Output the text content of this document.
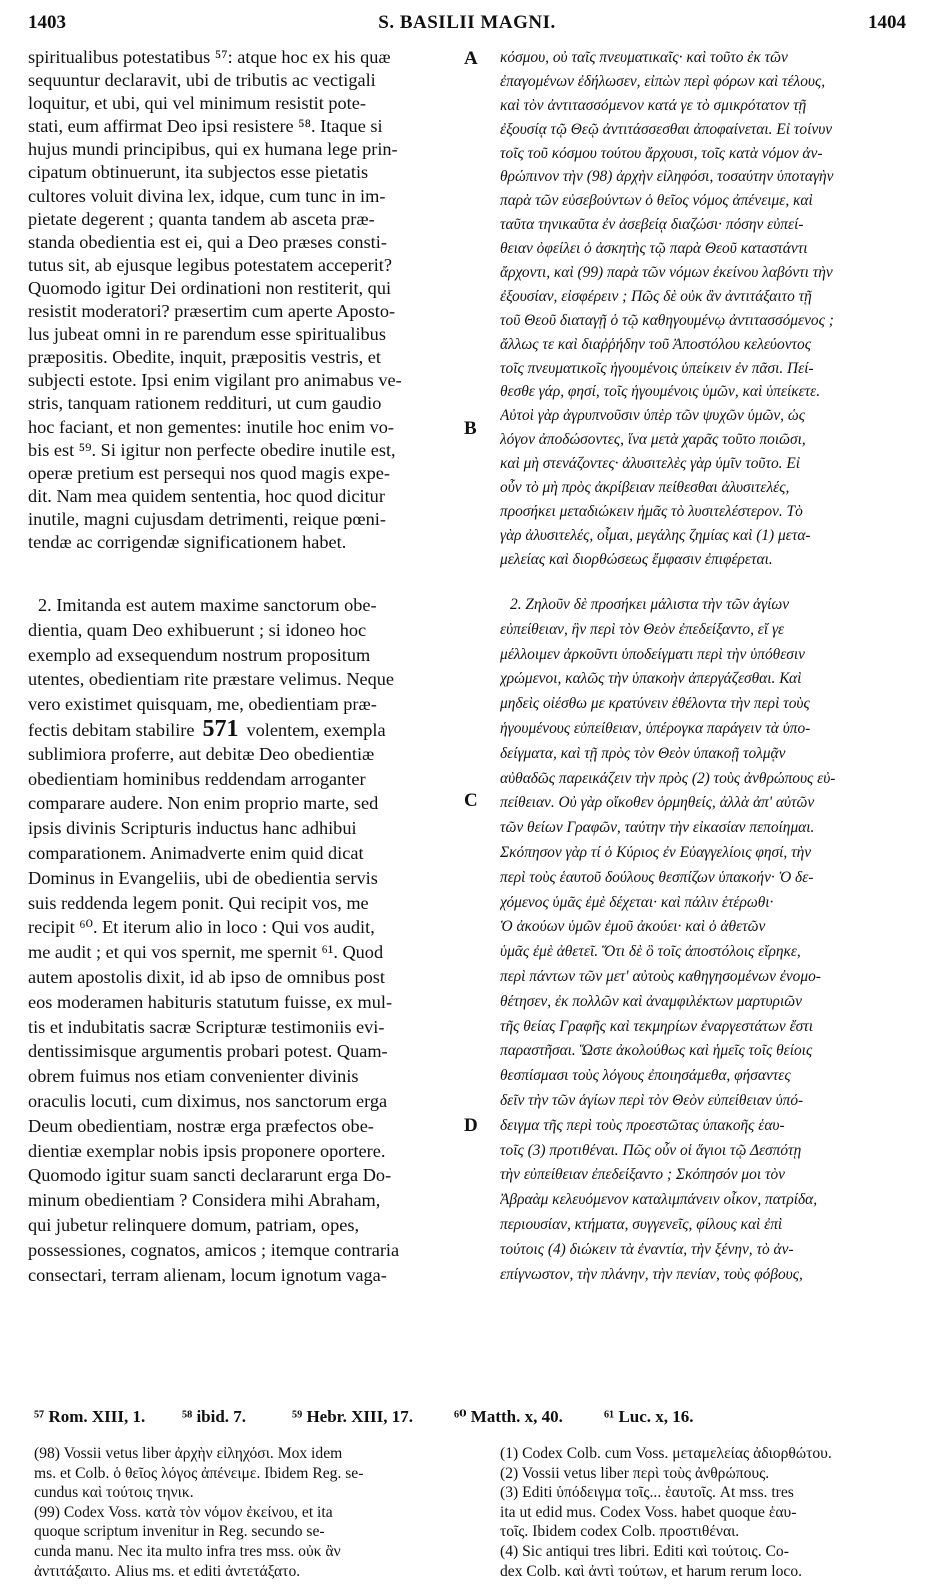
1403	S. BASILII MAGNI.	1404
spiritualibus potestatibus ⁵⁷: atque hoc ex his quæ
sequuntur declaravit, ubi de tributis ac vectigali
loquitur, et ubi, qui vel minimum resistit pote-
stati, eum affirmat Deo ipsi resistere ⁵⁸. Itaque si
hujus mundi principibus, qui ex humana lege prin-
cipatum obtinuerunt, ita subjectos esse pietatis
cultores voluit divina lex, idque, cum tunc in im-
pietate degerent ; quanta tandem ab asceta præ-
standa obedientia est ei, qui a Deo præses consti-
tutus sit, ab ejusque legibus potestatem acceperit?
Quomodo igitur Dei ordinationi non restiterit, qui
resistit moderatori? præsertim cum aperte Aposto-
lus jubeat omni in re parendum esse spiritualibus
præpositis. Obedite, inquit, præpositis vestris, et
subjecti estote. Ipsi enim vigilant pro animabus ve-
stris, tanquam rationem reddituri, ut cum gaudio
hoc faciant, et non gementes: inutile hoc enim vo-
bis est ⁵⁹. Si igitur non perfecte obedire inutile est,
operæ pretium est persequi nos quod magis expe-
dit. Nam mea quidem sententia, hoc quod dicitur
inutile, magni cujusdam detrimenti, reique pœni-
tendæ ac corrigendæ significationem habet.
κόσμου, οὐ ταῖς πνευματικαῖς· καὶ τοῦτο ἐκ τῶν
ἐπαγομένων ἐδήλωσεν, εἰπὼν περὶ φόρων καὶ τέλους,
καὶ τὸν ἀντιτασσόμενον κατά γε τὸ σμικρότατον τῇ
ἐξουσίᾳ τῷ Θεῷ ἀντιτάσσεσθαι ἀποφαίνεται. Εἰ τοίνυν
τοῖς τοῦ κόσμου τούτου ἄρχουσι, τοῖς κατὰ νόμον ἀν-
θρώπινον τὴν (98) ἀρχὴν εἰληφόσι, τοσαύτην ὑποταγὴν
παρὰ τῶν εὐσεβούντων ὁ θεῖος νόμος ἀπένειμε, καὶ
ταῦτα τηνικαῦτα ἐν ἀσεβείᾳ διαζώσι· πόσην εὐπεί-
θειαν ὀφείλει ὁ ἀσκητὴς τῷ παρὰ Θεοῦ καταστάντι
ἄρχοντι, καὶ (99) παρὰ τῶν νόμων ἐκείνου λαβόντι τὴν
ἐξουσίαν, εἰσφέρειν ; Πῶς δὲ οὐκ ἂν ἀντιτάξαιτο τῇ
τοῦ Θεοῦ διαταγῇ ὁ τῷ καθηγουμένῳ ἀντιτασσόμενος ;
ἄλλως τε καὶ διαῤῥήδην τοῦ Ἀποστόλου κελεύοντος
τοῖς πνευματικοῖς ἡγουμένοις ὑπείκειν ἐν πᾶσι. Πεί-
θεσθε γάρ, φησί, τοῖς ἡγουμένοις ὑμῶν, καὶ ὑπείκετε.
Αὐτοὶ γὰρ ἀγρυπνοῦσιν ὑπὲρ τῶν ψυχῶν ὑμῶν, ὡς
λόγον ἀποδώσοντες, ἵνα μετὰ χαρᾶς τοῦτο ποιῶσι,
καὶ μὴ στενάζοντες· ἀλυσιτελὲς γὰρ ὑμῖν τοῦτο. Εἰ
οὖν τὸ μὴ πρὸς ἀκρίβειαν πείθεσθαι ἀλυσιτελές,
προσήκει μεταδιώκειν ἡμᾶς τὸ λυσιτελέστερον. Τὸ
γὰρ ἀλυσιτελές, οἶμαι, μεγάλης ζημίας καὶ (1) μετα-
μελείας καὶ διορθώσεως ἔμφασιν ἐπιφέρεται.
2. Imitanda est autem maxime sanctorum obe-
dientia, quam Deo exhibuerunt ; si idoneo hoc
exemplo ad exsequendum nostrum propositum
utentes, obedientiam rite præstare velimus. Neque
vero existimet quisquam, me, obedientiam præ-
fectis debitam stabilire 571 volentem, exempla
sublimiora proferre, aut debitæ Deo obedientiæ
obedientiam hominibus reddendam arroganter
comparare audere. Non enim proprio marte, sed
ipsis divinis Scripturis inductus hanc adhibui
comparationem. Animadverte enim quid dicat
Dominus in Evangeliis, ubi de obedientia servis
suis reddenda legem ponit. Qui recipit vos, me
recipit ⁶⁰. Et iterum alio in loco : Qui vos audit,
me audit ; et qui vos spernit, me spernit ⁶¹. Quod
autem apostolis dixit, id ab ipso de omnibus post
eos moderamen habituris statutum fuisse, ex mul-
tis et indubitatis sacræ Scripturæ testimoniis evi-
dentissimisque argumentis probari potest. Quam-
obrem fuimus nos etiam convenienter divinis
oraculis locuti, cum diximus, nos sanctorum erga
Deum obedientiam, nostræ erga præfectos obe-
dientiæ exemplar nobis ipsis proponere oportere.
Quomodo igitur suam sancti declararunt erga Do-
minum obedientiam ? Considera mihi Abraham,
qui jubetur relinquere domum, patriam, opes,
possessiones, cognatos, amicos ; itemque contraria
consectari, terram alienam, locum ignotum vaga-
2. Ζηλοῦν δὲ προσήκει μάλιστα τὴν τῶν ἁγίων
εὐπείθειαν, ἣν περὶ τὸν Θεὸν ἐπεδείξαντο, εἴ γε
μέλλοιμεν ἀρκοῦντι ὑποδείγματι περὶ τὴν ὑπόθεσιν
χρώμενοι, καλῶς τὴν ὑπακοὴν ἀπεργάζεσθαι. Καὶ
μηδεὶς οἰέσθω με κρατύνειν ἐθέλοντα τὴν περὶ τοὺς
ἡγουμένους εὐπείθειαν, ὑπέρογκα παράγειν τὰ ὑπο-
δείγματα, καὶ τῇ πρὸς τὸν Θεὸν ὑπακοῇ τολμᾷν
αὐθαδῶς παρεικάζειν τὴν πρὸς (2) τοὺς ἀνθρώπους εὐ-
πείθειαν. Οὐ γὰρ οἴκοθεν ὁρμηθείς, ἀλλὰ ἀπ' αὐτῶν
τῶν θείων Γραφῶν, ταύτην τὴν εἰκασίαν πεποίημαι.
Σκόπησον γὰρ τί ὁ Κύριος ἐν Εὐαγγελίοις φησί, τὴν
περὶ τοὺς ἑαυτοῦ δούλους θεσπίζων ὑπακοήν· Ὁ δε-
χόμενος ὑμᾶς ἐμὲ δέχεται· καὶ πάλιν ἑτέρωθι·
Ὁ ἀκούων ὑμῶν ἐμοῦ ἀκούει· καὶ ὁ ἀθετῶν
ὑμᾶς ἐμὲ ἀθετεῖ. Ὅτι δὲ ὃ τοῖς ἀποστόλοις εἴρηκε,
περὶ πάντων τῶν μετ' αὐτοὺς καθηγησομένων ἐνομο-
θέτησεν, ἐκ πολλῶν καὶ ἀναμφιλέκτων μαρτυριῶν
τῆς θείας Γραφῆς καὶ τεκμηρίων ἐναργεστάτων ἔστι
παραστῆσαι. Ὥστε ἀκολούθως καὶ ἡμεῖς τοῖς θείοις
θεσπίσμασι τοὺς λόγους ἐποιησάμεθα, φήσαντες
δεῖν τὴν τῶν ἁγίων περὶ τὸν Θεὸν εὐπείθειαν ὑπό-
δειγμα τῆς περὶ τοὺς προεστῶτας ὑπακοῆς ἑαυ-
τοῖς (3) προτιθέναι. Πῶς οὖν οἱ ἅγιοι τῷ Δεσπότῃ
τὴν εὐπείθειαν ἐπεδείξαντο ; Σκόπησόν μοι τὸν
Ἀβραὰμ κελευόμενον καταλιμπάνειν οἶκον, πατρίδα,
περιουσίαν, κτήματα, συγγενεῖς, φίλους καὶ ἐπὶ
τούτοις (4) διώκειν τὰ ἐναντία, τὴν ξένην, τὸ ἀν-
επίγνωστον, τὴν πλάνην, τὴν πενίαν, τοὺς φόβους,
A
B
C
D
⁵⁷ Rom. XIII, 1. ⁵⁸ ibid. 7.	⁵⁹ Hebr. XIII, 17. ⁶⁰ Matth. x, 40. ⁶¹ Luc. x, 16.
(98) Vossii vetus liber ἀρχὴν εἰληχόσι. Mox idem
ms. et Colb. ὁ θεῖος λόγος ἀπένειμε. Ibidem Reg. se-
cundus καὶ τούτοις τηνικ.
(99) Codex Voss. κατὰ τὸν νόμον ἐκείνου, et ita
quoque scriptum invenitur in Reg. secundo se-
cunda manu. Nec ita multo infra tres mss. οὐκ ἂν
ἀντιτάξαιτο. Alius ms. et editi ἀντετάξατο.
(1) Codex Colb. cum Voss. μεταμελείας ἀδιορθώτου.
(2) Vossii vetus liber περὶ τοὺς ἀνθρώπους.
(3) Editi ὑπόδειγμα τοῖς... ἑαυτοῖς. At mss. tres
ita ut edid mus. Codex Voss. habet quoque ἑαυ-
τοῖς. Ibidem codex Colb. προστιθέναι.
(4) Sic antiqui tres libri. Editi καὶ τούτοις. Co-
dex Colb. καὶ ἀντὶ τούτων, et harum rerum loco.
